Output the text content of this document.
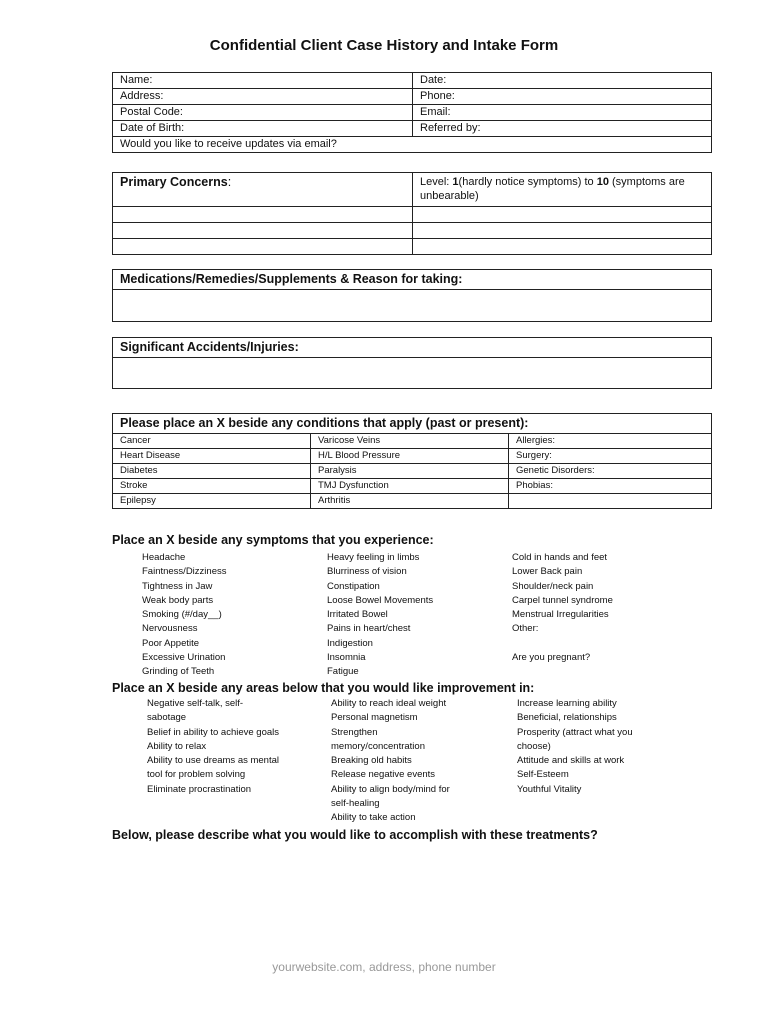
Confidential Client Case History and Intake Form
Name:	Date:
Address:	Phone:
Postal Code:	Email:
Date of Birth:	Referred by:
Would you like to receive updates via email?	
Primary Concerns:	Level: 1(hardly notice symptoms) to 10 (symptoms are unbearable)

Medications/Remedies/Supplements & Reason for taking:
Significant Accidents/Injuries:
Please place an X beside any conditions that apply (past or present):		
Cancer	Varicose Veins	Allergies:
Heart Disease	H/L Blood Pressure	Surgery:
Diabetes	Paralysis	Genetic Disorders:
Stroke	TMJ Dysfunction	Phobias:
Epilepsy	Arthritis	
Place an X beside any symptoms that you experience:
Headache
Faintness/Dizziness
Tightness in Jaw
Weak body parts
Smoking (#/day__)
Nervousness
Poor Appetite
Excessive Urination
Grinding of Teeth
Heavy feeling in limbs
Blurriness of vision
Constipation
Loose Bowel Movements
Irritated Bowel
Pains in heart/chest
Indigestion
Insomnia
Fatigue
Cold in hands and feet
Lower Back pain
Shoulder/neck pain
Carpel tunnel syndrome
Menstrual Irregularities
Other:
Are you pregnant?
Place an X beside any areas below that you would like improvement in:
Negative self-talk, self-
sabotage
Belief in ability to achieve goals
Ability to relax
Ability to use dreams as mental
tool for problem solving
Eliminate procrastination
Ability to reach ideal weight
Personal magnetism
Strengthen
memory/concentration
Breaking old habits
Release negative events
Ability to align body/mind for
self-healing
Ability to take action
Increase learning ability
Beneficial, relationships
Prosperity (attract what you
choose)
Attitude and skills at work
Self-Esteem
Youthful Vitality
Below, please describe what you would like to accomplish with these treatments?
yourwebsite.com, address, phone number
